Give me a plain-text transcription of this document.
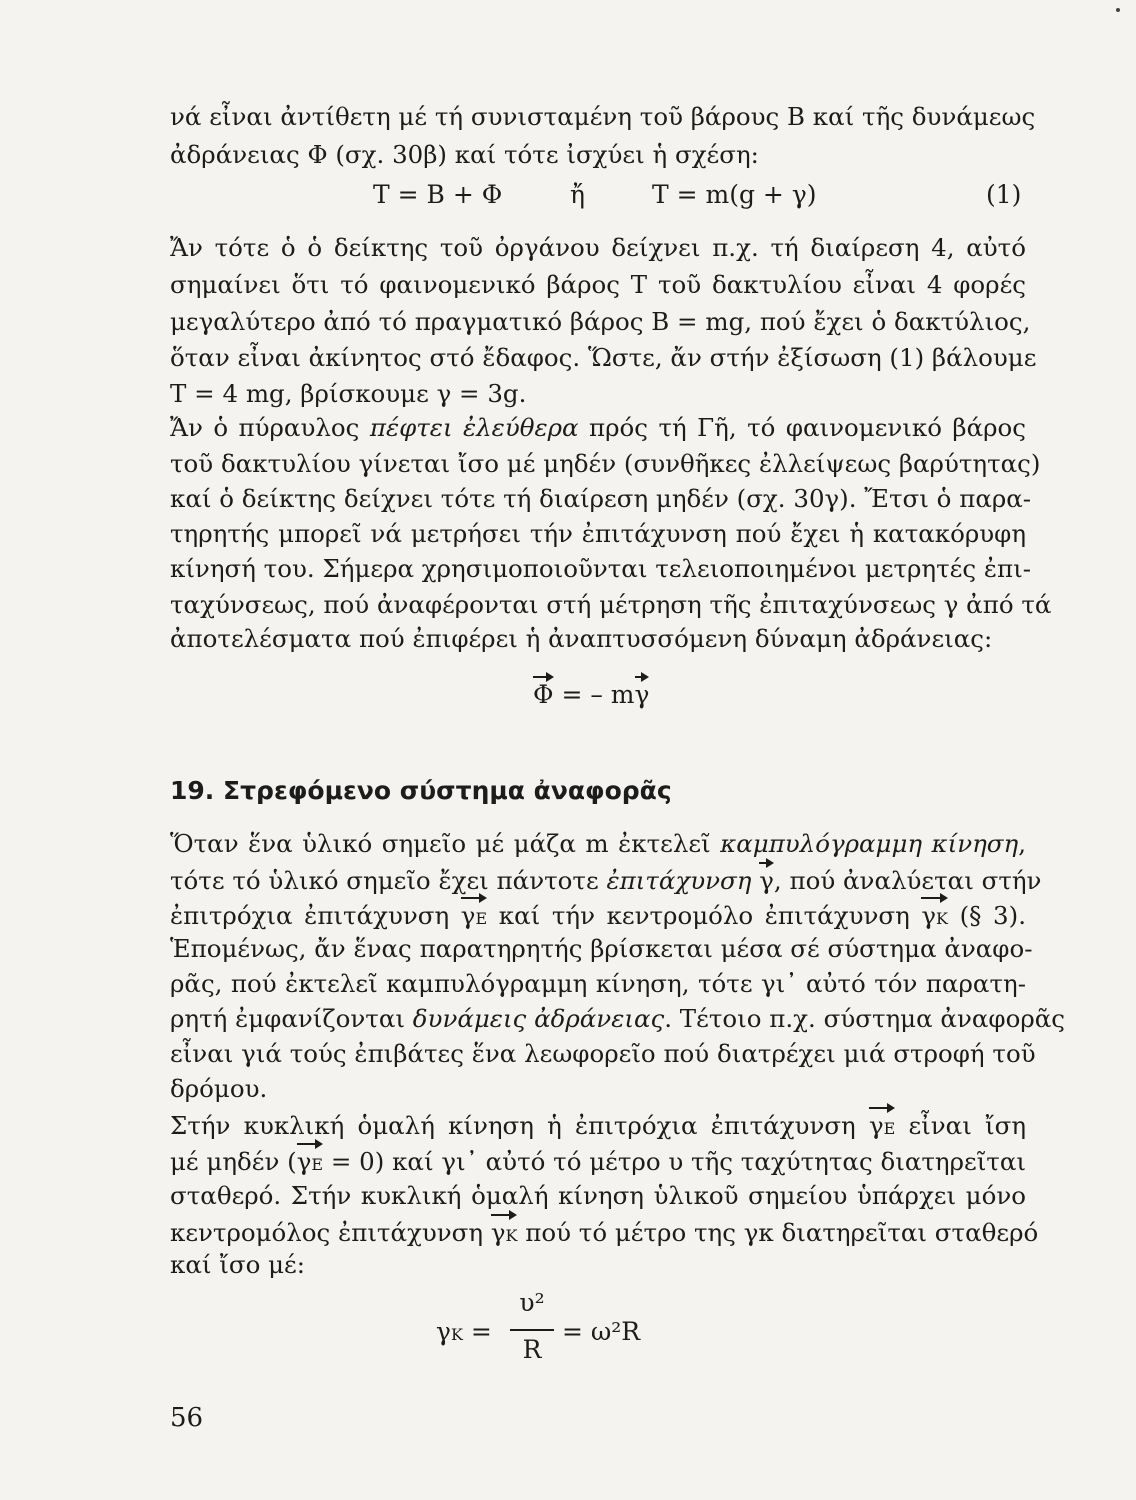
νά εἶναι ἀντίθετη μέ τή συνισταμένη τοῦ βάρους Β καί τῆς δυνάμεως
ἀδράνειας Φ (σχ. 30β) καί τότε ἰσχύει ἡ σχέση:
Τ = Β + Φ	ἤ	Τ = m(g + γ)	(1)
Ἄν τότε ὁ ὁ δείκτης τοῦ ὀργάνου δείχνει π.χ. τή διαίρεση 4, αὐτό
σημαίνει ὅτι τό φαινομενικό βάρος Τ τοῦ δακτυλίου εἶναι 4 φορές
μεγαλύτερο ἀπό τό πραγματικό βάρος Β = mg, πού ἔχει ὁ δακτύλιος,
ὅταν εἶναι ἀκίνητος στό ἔδαφος. Ὥστε, ἄν στήν ἐξίσωση (1) βάλουμε
Τ = 4 mg, βρίσκουμε γ = 3g.
Ἄν ὁ πύραυλος πέφτει ἐλεύθερα πρός τή Γῆ, τό φαινομενικό βάρος
τοῦ δακτυλίου γίνεται ἴσο μέ μηδέν (συνθῆκες ἐλλείψεως βαρύτητας)
καί ὁ δείκτης δείχνει τότε τή διαίρεση μηδέν (σχ. 30γ). Ἔτσι ὁ παρα-
τηρητής μπορεῖ νά μετρήσει τήν ἐπιτάχυνση πού ἔχει ἡ κατακόρυφη
κίνησή του. Σήμερα χρησιμοποιοῦνται τελειοποιημένοι μετρητές ἐπι-
ταχύνσεως, πού ἀναφέρονται στή μέτρηση τῆς ἐπιταχύνσεως γ ἀπό τά
ἀποτελέσματα πού ἐπιφέρει ἡ ἀναπτυσσόμενη δύναμη ἀδράνειας:
Φ = – mγ
19. Στρεφόμενο σύστημα ἀναφορᾶς
Ὅταν ἕνα ὑλικό σημεῖο μέ μάζα m ἐκτελεῖ καμπυλόγραμμη κίνηση,
τότε τό ὑλικό σημεῖο ἔχει πάντοτε ἐπιτάχυνση γ, πού ἀναλύεται στήν
ἐπιτρόχια ἐπιτάχυνση γE καί τήν κεντρομόλο ἐπιτάχυνση γK (§ 3).
Ἑπομένως, ἄν ἕνας παρατηρητής βρίσκεται μέσα σέ σύστημα ἀναφο-
ρᾶς, πού ἐκτελεῖ καμπυλόγραμμη κίνηση, τότε γι᾽ αὐτό τόν παρατη-
ρητή ἐμφανίζονται δυνάμεις ἀδράνειας. Τέτοιο π.χ. σύστημα ἀναφορᾶς
εἶναι γιά τούς ἐπιβάτες ἕνα λεωφορεῖο πού διατρέχει μιά στροφή τοῦ
δρόμου.
Στήν κυκλική ὁμαλή κίνηση ἡ ἐπιτρόχια ἐπιτάχυνση γE εἶναι ἴση
μέ μηδέν (γE = 0) καί γι᾽ αὐτό τό μέτρο υ τῆς ταχύτητας διατηρεῖται
σταθερό. Στήν κυκλική ὁμαλή κίνηση ὑλικοῦ σημείου ὑπάρχει μόνο
κεντρομόλος ἐπιτάχυνση γK πού τό μέτρο της γκ διατηρεῖται σταθερό
καί ἴσο μέ:
γK =
υ²
R
= ω²R
56
